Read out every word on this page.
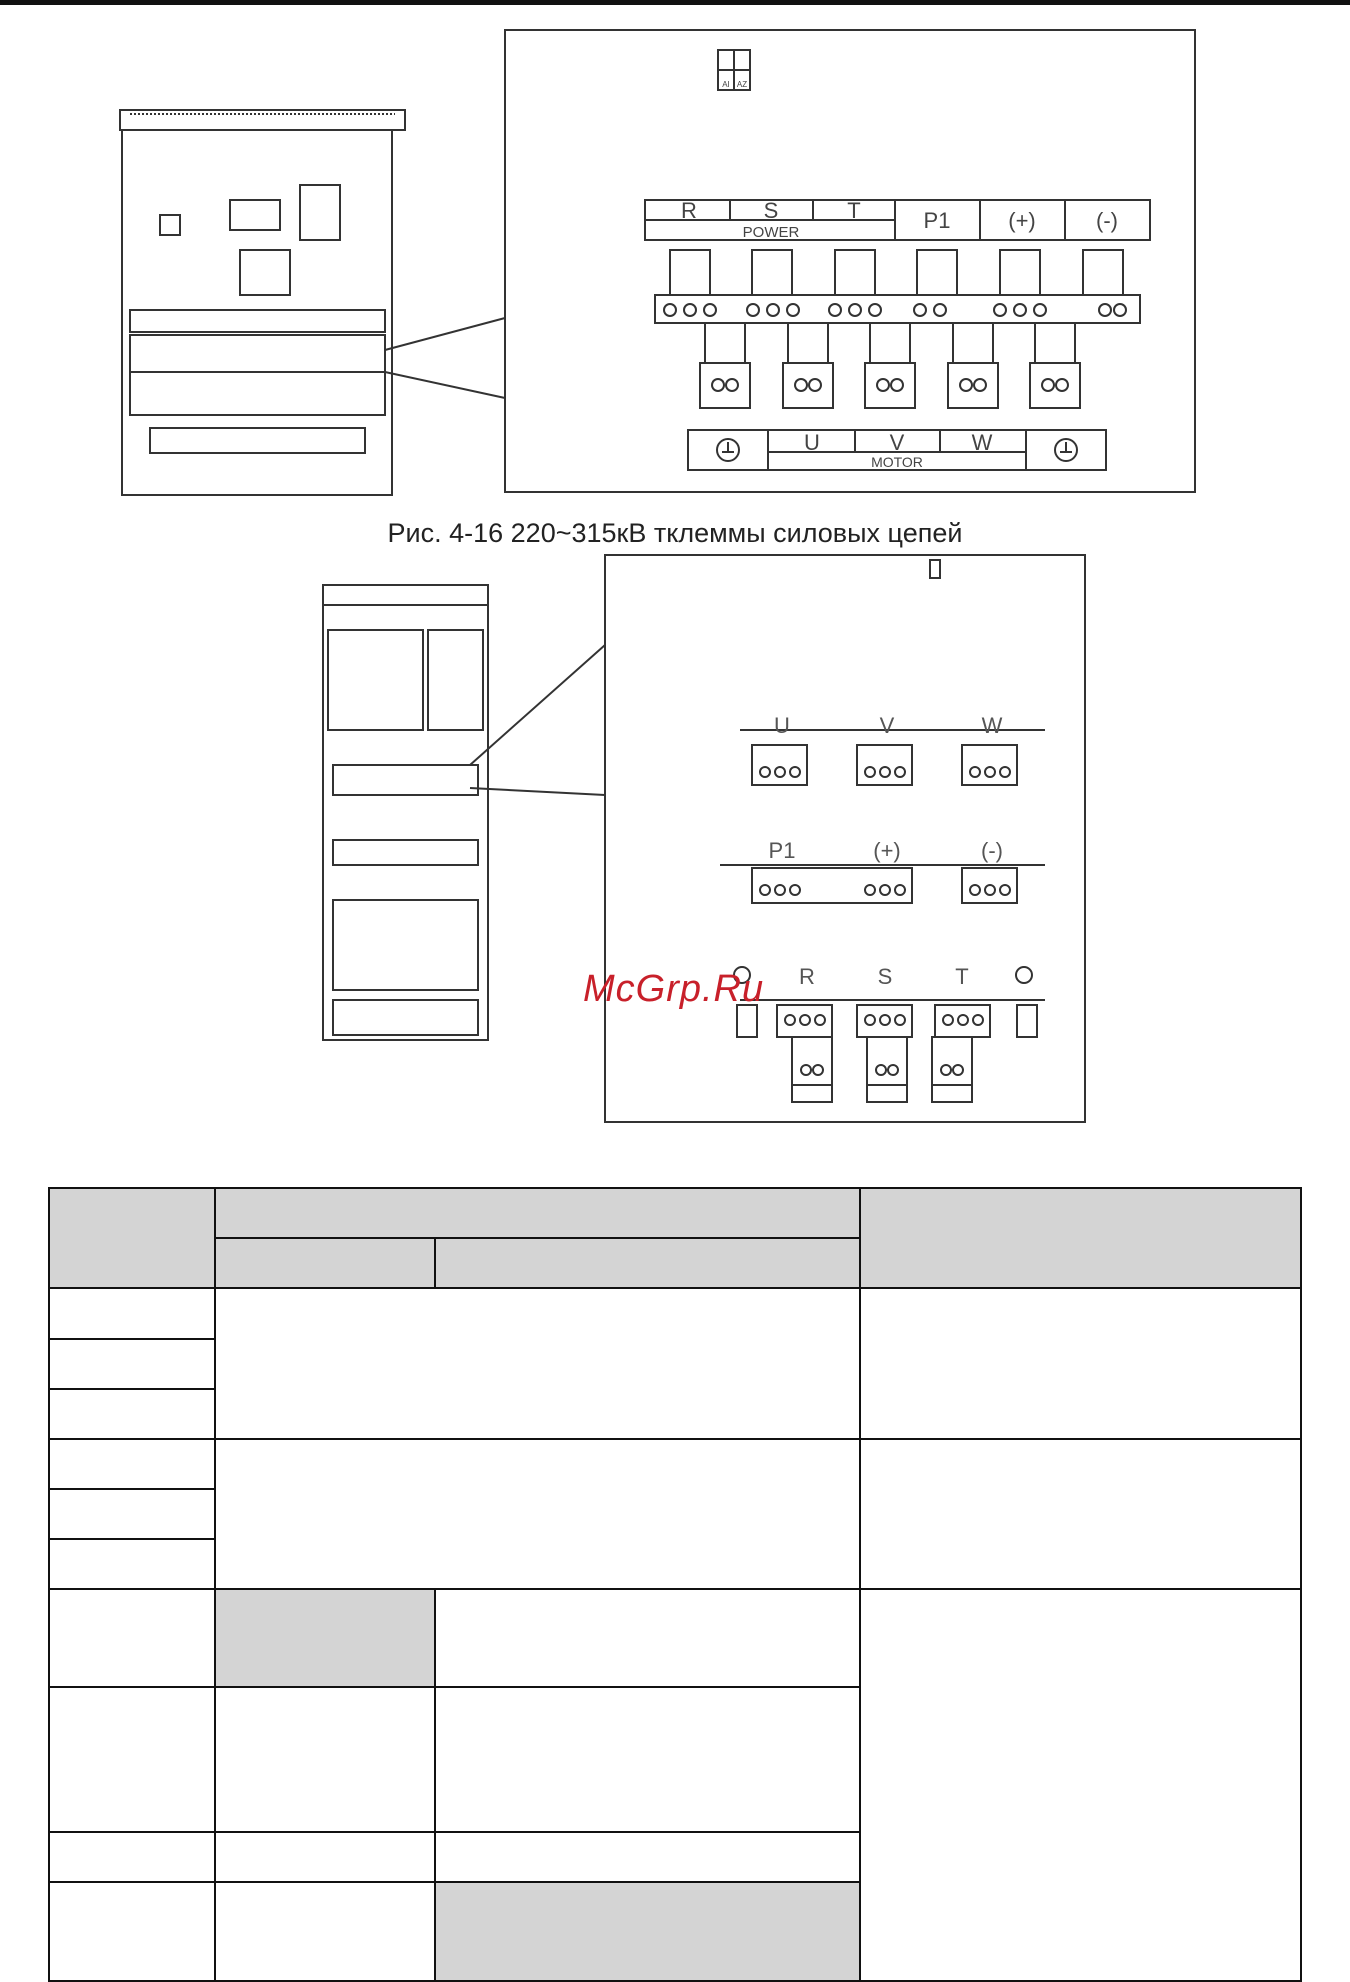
R	S	T	P1	(+)	(-)
POWER
U	V	W
MOTOR
AI AZ
Рис. 4-16 220~315кВ тклеммы силовых цепей
U	V	W
P1	(+)	(-)
R	S	T
McGrp.Ru
